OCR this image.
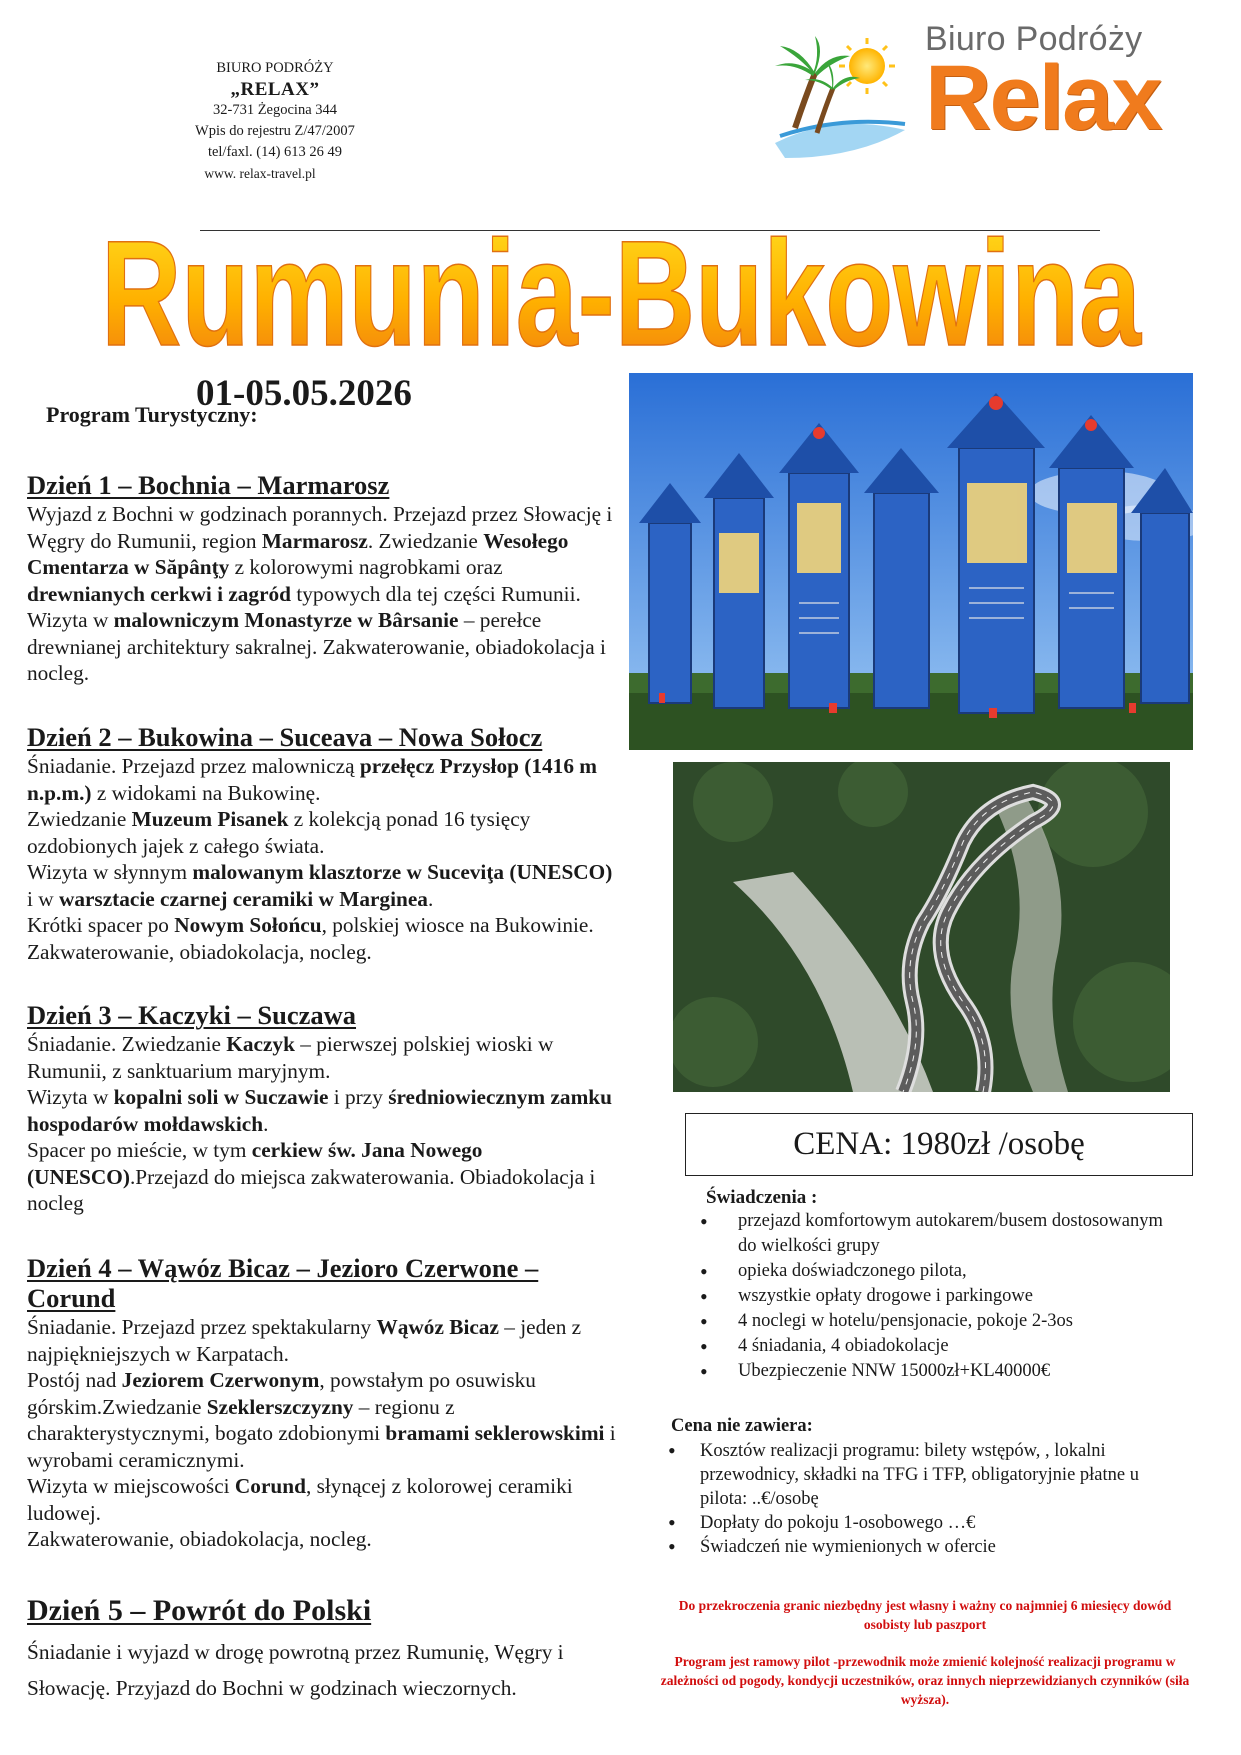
BIURO PODRÓŻY
„RELAX”
32-731 Żegocina 344
Wpis do rejestru Z/47/2007
tel/faxl. (14) 613 26 49
www. relax-travel.pl
Biuro Podróży
Relax
Rumunia-Bukowina
01-05.05.2026
Program Turystyczny:
Dzień 1 – Bochnia – Marmarosz

Wyjazd z Bochni w godzinach porannych. Przejazd przez Słowację i Węgry do Rumunii, region Marmarosz. Zwiedzanie Wesołego Cmentarza w Săpânţy z kolorowymi nagrobkami oraz drewnianych cerkwi i zagród typowych dla tej części Rumunii. Wizyta w malowniczym Monastyrze w Bârsanie – perełce drewnianej architektury sakralnej. Zakwaterowanie, obiadokolacja i nocleg.

Dzień 2 – Bukowina – Suceava – Nowa Sołocz

Śniadanie. Przejazd przez malowniczą przełęcz Przysłop (1416 m n.p.m.) z widokami na Bukowinę.
Zwiedzanie Muzeum Pisanek z kolekcją ponad 16 tysięcy ozdobionych jajek z całego świata.
Wizyta w słynnym malowanym klasztorze w Suceviţa (UNESCO) i w warsztacie czarnej ceramiki w Marginea.
Krótki spacer po Nowym Sołońcu, polskiej wiosce na Bukowinie. Zakwaterowanie, obiadokolacja, nocleg.

Dzień 3 – Kaczyki – Suczawa

Śniadanie. Zwiedzanie Kaczyk – pierwszej polskiej wioski w Rumunii, z sanktuarium maryjnym.
Wizyta w kopalni soli w Suczawie i przy średniowiecznym zamku hospodarów mołdawskich.
Spacer po mieście, w tym cerkiew św. Jana Nowego (UNESCO).Przejazd do miejsca zakwaterowania. Obiadokolacja i nocleg

Dzień 4 – Wąwóz Bicaz – Jezioro Czerwone – Corund

Śniadanie. Przejazd przez spektakularny Wąwóz Bicaz – jeden z najpiękniejszych w Karpatach.
Postój nad Jeziorem Czerwonym, powstałym po osuwisku górskim.Zwiedzanie Szeklerszczyzny – regionu z charakterystycznymi, bogato zdobionymi bramami seklerowskimi i wyrobami ceramicznymi.
Wizyta w miejscowości Corund, słynącej z kolorowej ceramiki ludowej.
Zakwaterowanie, obiadokolacja, nocleg.

Dzień 5 – Powrót do Polski

Śniadanie i wyjazd w drogę powrotną przez Rumunię, Węgry i Słowację. Przyjazd do Bochni w godzinach wieczornych.

CENA: 1980zł /osobę
Świadczenia :
• przejazd komfortowym autokarem/busem dostosowanym do wielkości grupy
• opieka doświadczonego pilota,
• wszystkie opłaty drogowe i parkingowe
• 4 noclegi w hotelu/pensjonacie, pokoje 2-3os
• 4 śniadania, 4 obiadokolacje
• Ubezpieczenie NNW 15000zł+KL40000€
Cena nie zawiera:
• Kosztów realizacji programu: bilety wstępów, , lokalni przewodnicy, składki na TFG i TFP, obligatoryjnie płatne u pilota: ..€/osobę
• Dopłaty do pokoju 1-osobowego …€
• Świadczeń nie wymienionych w ofercie
Do przekroczenia granic niezbędny jest własny i ważny co najmniej 6 miesięcy dowód osobisty lub paszport
Program jest ramowy pilot -przewodnik może zmienić kolejność realizacji programu w zależności od pogody, kondycji uczestników, oraz innych nieprzewidzianych czynników (siła wyższa).
